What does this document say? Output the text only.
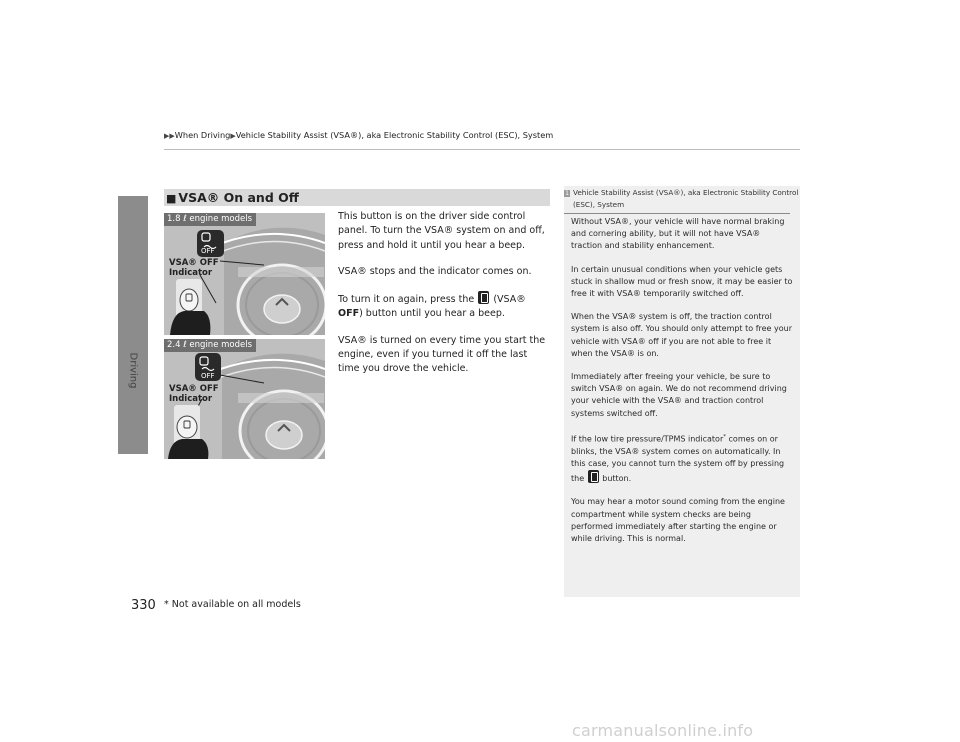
▶▶When Driving▶Vehicle Stability Assist (VSA®), aka Electronic Stability Control (ESC), System
Driving
■ VSA® On and Off
1.8 ℓ engine models
VSA® OFF
Indicator
OFF
2.4 ℓ engine models
VSA® OFF
Indicator
OFF

This button is on the driver side control panel. To turn the VSA® system on and off, press and hold it until you hear a beep.

VSA® stops and the indicator comes on.

To turn it on again, press the (VSA® OFF) button until you hear a beep.

VSA® is turned on every time you start the engine, even if you turned it off the last time you drove the vehicle.

1 Vehicle Stability Assist (VSA®), aka Electronic Stability Control (ESC), System

Without VSA®, your vehicle will have normal braking and cornering ability, but it will not have VSA® traction and stability enhancement.

In certain unusual conditions when your vehicle gets stuck in shallow mud or fresh snow, it may be easier to free it with VSA® temporarily switched off.

When the VSA® system is off, the traction control system is also off. You should only attempt to free your vehicle with VSA® off if you are not able to free it when the VSA® is on.

Immediately after freeing your vehicle, be sure to switch VSA® on again. We do not recommend driving your vehicle with the VSA® and traction control systems switched off.

If the low tire pressure/TPMS indicator* comes on or blinks, the VSA® system comes on automatically. In this case, you cannot turn the system off by pressing the button.

You may hear a motor sound coming from the engine compartment while system checks are being performed immediately after starting the engine or while driving. This is normal.

330 * Not available on all models
carmanualsonline.info
